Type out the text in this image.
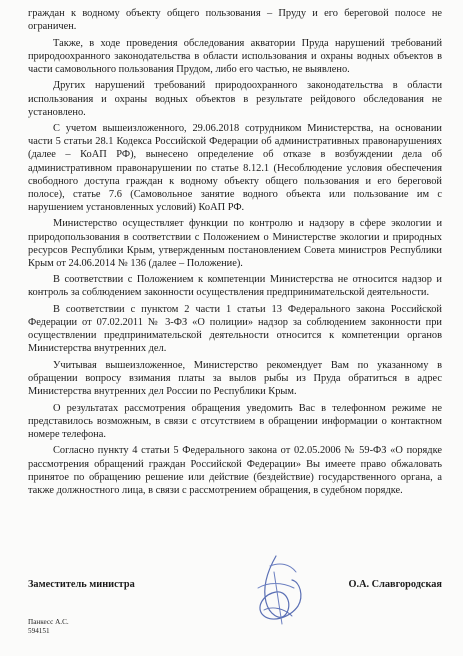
граждан к водному объекту общего пользования – Пруду и его береговой полосе не ограничен.

Также, в ходе проведения обследования акватории Пруда нарушений требований природоохранного законодательства в области использования и охраны водных объектов в части самовольного пользования Прудом, либо его частью, не выявлено.

Других нарушений требований природоохранного законодательства в области использования и охраны водных объектов в результате рейдового обследования не установлено.

С учетом вышеизложенного, 29.06.2018 сотрудником Министерства, на основании части 5 статьи 28.1 Кодекса Российской Федерации об административных правонарушениях (далее – КоАП РФ), вынесено определение об отказе в возбуждении дела об административном правонарушении по статье 8.12.1 (Несоблюдение условия обеспечения свободного доступа граждан к водному объекту общего пользования и его береговой полосе), статье 7.6 (Самовольное занятие водного объекта или пользование им с нарушением установленных условий) КоАП РФ.

Министерство осуществляет функции по контролю и надзору в сфере экологии и природопользования в соответствии с Положением о Министерстве экологии и природных ресурсов Республики Крым, утвержденным постановлением Совета министров Республики Крым от 24.06.2014 № 136 (далее – Положение).

В соответствии с Положением к компетенции Министерства не относится надзор и контроль за соблюдением законности осуществления предпринимательской деятельности.

В соответствии с пунктом 2 части 1 статьи 13 Федерального закона Российской Федерации от 07.02.2011 № 3-ФЗ «О полиции» надзор за соблюдением законности при осуществлении предпринимательской деятельности относится к компетенции органов Министерства внутренних дел.

Учитывая вышеизложенное, Министерство рекомендует Вам по указанному в обращении вопросу взимания платы за вылов рыбы из Пруда обратиться в адрес Министерства внутренних дел России по Республики Крым.

О результатах рассмотрения обращения уведомить Вас в телефонном режиме не представилось возможным, в связи с отсутствием в обращении информации о контактном номере телефона.

Согласно пункту 4 статьи 5 Федерального закона от 02.05.2006 № 59-ФЗ «О порядке рассмотрения обращений граждан Российской Федерации» Вы имеете право обжаловать принятое по обращению решение или действие (бездействие) государственного органа, а также должностного лица, в связи с рассмотрением обращения, в судебном порядке.

Заместитель министра	О.А. Славгородская
Панкесс А.С.
594151
